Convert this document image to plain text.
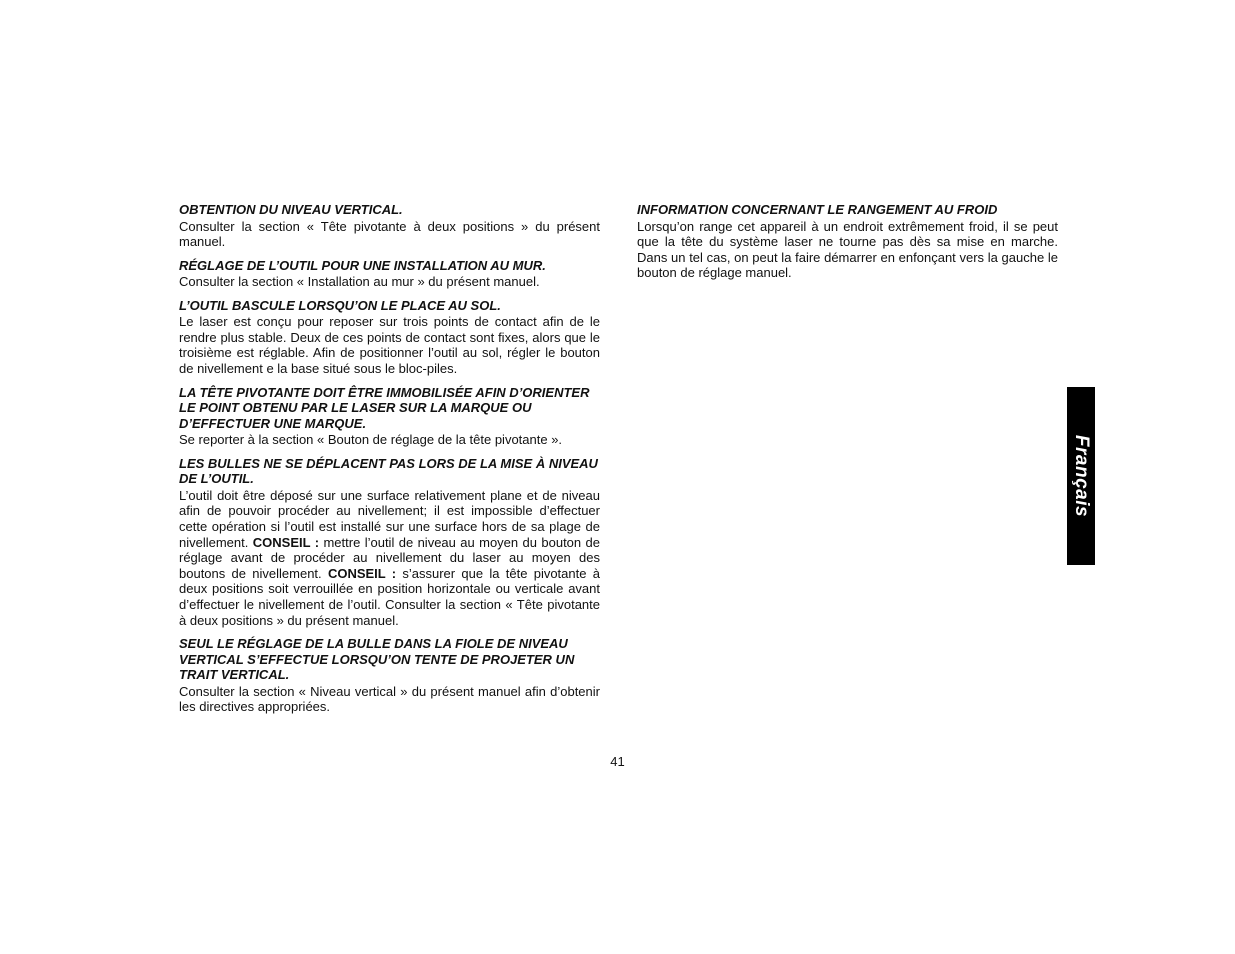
OBTENTION DU NIVEAU VERTICAL.

Consulter la section « Tête pivotante à deux positions » du présent manuel.

RÉGLAGE DE L’OUTIL POUR UNE INSTALLATION AU MUR.

Consulter la section « Installation au mur » du présent manuel.

L’OUTIL BASCULE LORSQU’ON LE PLACE AU SOL.

Le laser est conçu pour reposer sur trois points de contact afin de le rendre plus stable. Deux de ces points de contact sont fixes, alors que le troisième est réglable. Afin de positionner l’outil au sol, régler le bouton de nivellement e la base situé sous le bloc-piles.

LA TÊTE PIVOTANTE DOIT ÊTRE IMMOBILISÉE AFIN D’ORIENTER LE POINT OBTENU PAR LE LASER SUR LA MARQUE OU D’EFFECTUER UNE MARQUE.

Se reporter à la section « Bouton de réglage de la tête pivotante ».

LES BULLES NE SE DÉPLACENT PAS LORS DE LA MISE À NIVEAU DE L’OUTIL.

L’outil doit être déposé sur une surface relativement plane et de niveau afin de pouvoir procéder au nivellement; il est impossible d’effectuer cette opération si l’outil est installé sur une surface hors de sa plage de nivellement. CONSEIL : mettre l’outil de niveau au moyen du bouton de réglage avant de procéder au nivellement du laser au moyen des boutons de nivellement. CONSEIL : s’assurer que la tête pivotante à deux positions soit verrouillée en position horizontale ou verticale avant d’effectuer le nivellement de l’outil. Consulter la section « Tête pivotante à deux positions » du présent manuel.

SEUL LE RÉGLAGE DE LA BULLE DANS LA FIOLE DE NIVEAU VERTICAL S’EFFECTUE LORSQU’ON TENTE DE PROJETER UN TRAIT VERTICAL.

Consulter la section « Niveau vertical » du présent manuel afin d’obtenir les directives appropriées.

INFORMATION CONCERNANT LE RANGEMENT AU FROID

Lorsqu’on range cet appareil à un endroit extrêmement froid, il se peut que la tête du système laser ne tourne pas dès sa mise en marche. Dans un tel cas, on peut la faire démarrer en enfonçant vers la gauche le bouton de réglage manuel.

41
Français
